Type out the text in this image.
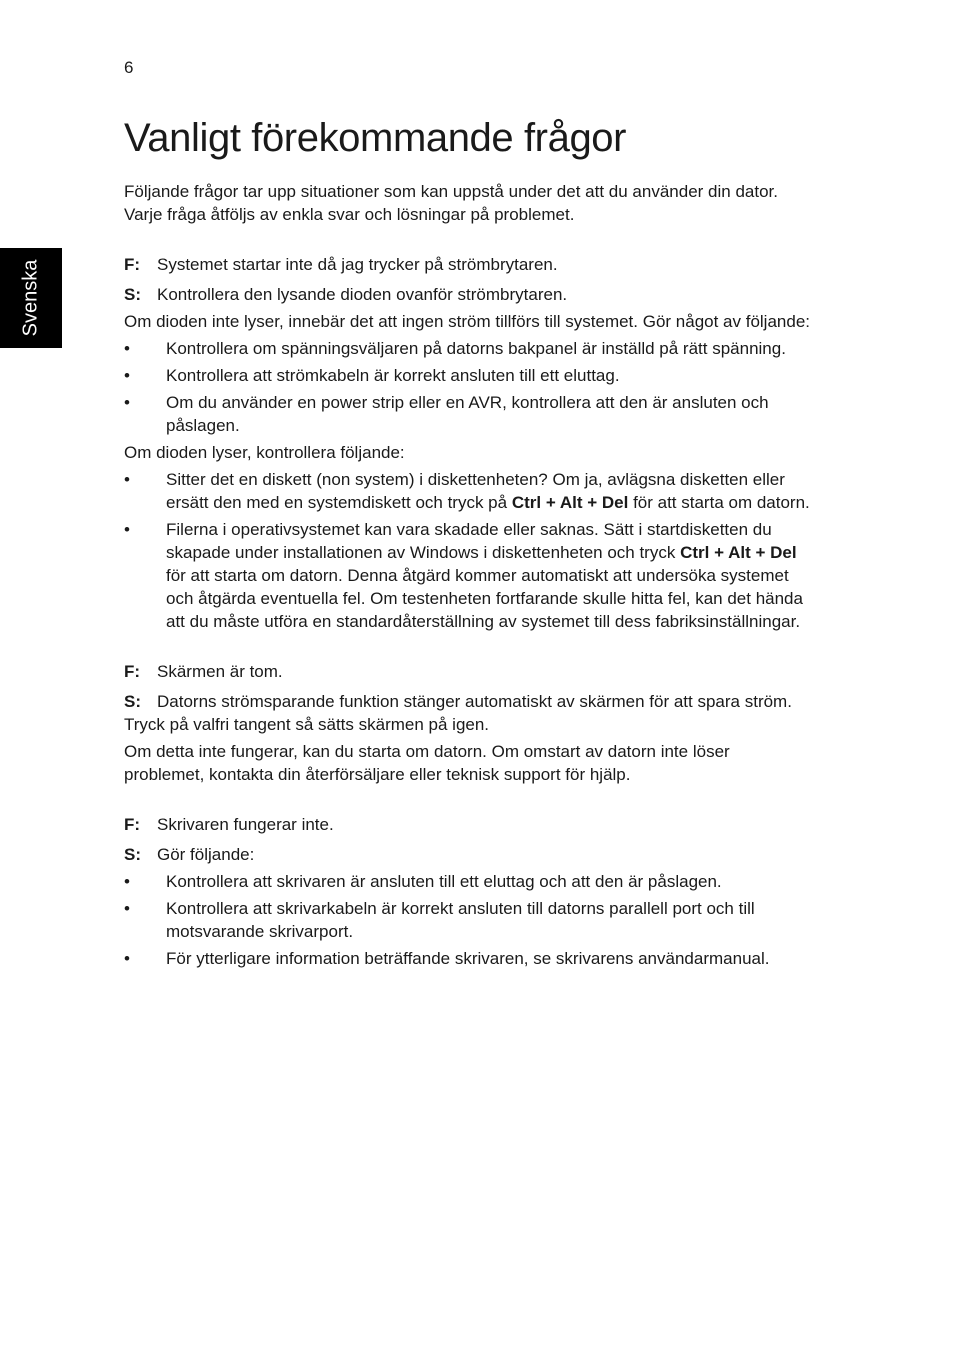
6
Svenska
Vanligt förekommande frågor

Följande frågor tar upp situationer som kan uppstå under det att du använder din dator. Varje fråga åtföljs av enkla svar och lösningar på problemet.

F: Systemet startar inte då jag trycker på strömbrytaren.

S: Kontrollera den lysande dioden ovanför strömbrytaren.

Om dioden inte lyser, innebär det att ingen ström tillförs till systemet. Gör något av följande:

• Kontrollera om spänningsväljaren på datorns bakpanel är inställd på rätt spänning.
• Kontrollera att strömkabeln är korrekt ansluten till ett eluttag.
• Om du använder en power strip eller en AVR, kontrollera att den är ansluten och påslagen.

Om dioden lyser, kontrollera följande:

• Sitter det en diskett (non system) i diskettenheten? Om ja, avlägsna disketten eller ersätt den med en systemdiskett och tryck på Ctrl + Alt + Del för att starta om datorn.
• Filerna i operativsystemet kan vara skadade eller saknas. Sätt i startdisketten du skapade under installationen av Windows i diskettenheten och tryck Ctrl + Alt + Del för att starta om datorn. Denna åtgärd kommer automatiskt att undersöka systemet och åtgärda eventuella fel. Om testenheten fortfarande skulle hitta fel, kan det hända att du måste utföra en standardåterställning av systemet till dess fabriksinställningar.

F: Skärmen är tom.

S: Datorns strömsparande funktion stänger automatiskt av skärmen för att spara ström. Tryck på valfri tangent så sätts skärmen på igen.

Om detta inte fungerar, kan du starta om datorn. Om omstart av datorn inte löser problemet, kontakta din återförsäljare eller teknisk support för hjälp.

F: Skrivaren fungerar inte.

S: Gör följande:

• Kontrollera att skrivaren är ansluten till ett eluttag och att den är påslagen.
• Kontrollera att skrivarkabeln är korrekt ansluten till datorns parallell port och till motsvarande skrivarport.
• För ytterligare information beträffande skrivaren, se skrivarens användarmanual.
